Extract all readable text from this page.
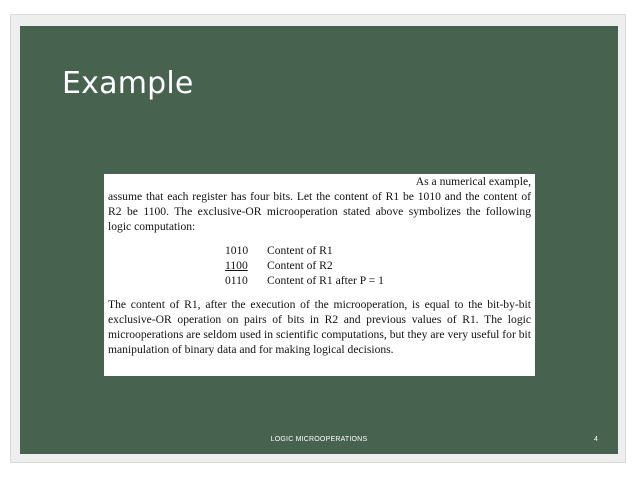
Example

As a numerical example,

assume that each register has four bits. Let the content of R1 be 1010 and the content of R2 be 1100. The exclusive-OR microoperation stated above symbolizes the following logic computation:

1010	Content of R1
1100	Content of R2
0110	Content of R1 after P = 1

The content of R1, after the execution of the microoperation, is equal to the bit-by-bit exclusive-OR operation on pairs of bits in R2 and previous values of R1. The logic microoperations are seldom used in scientific computations, but they are very useful for bit manipulation of binary data and for making logical decisions.

LOGIC MICROOPERATIONS	4
